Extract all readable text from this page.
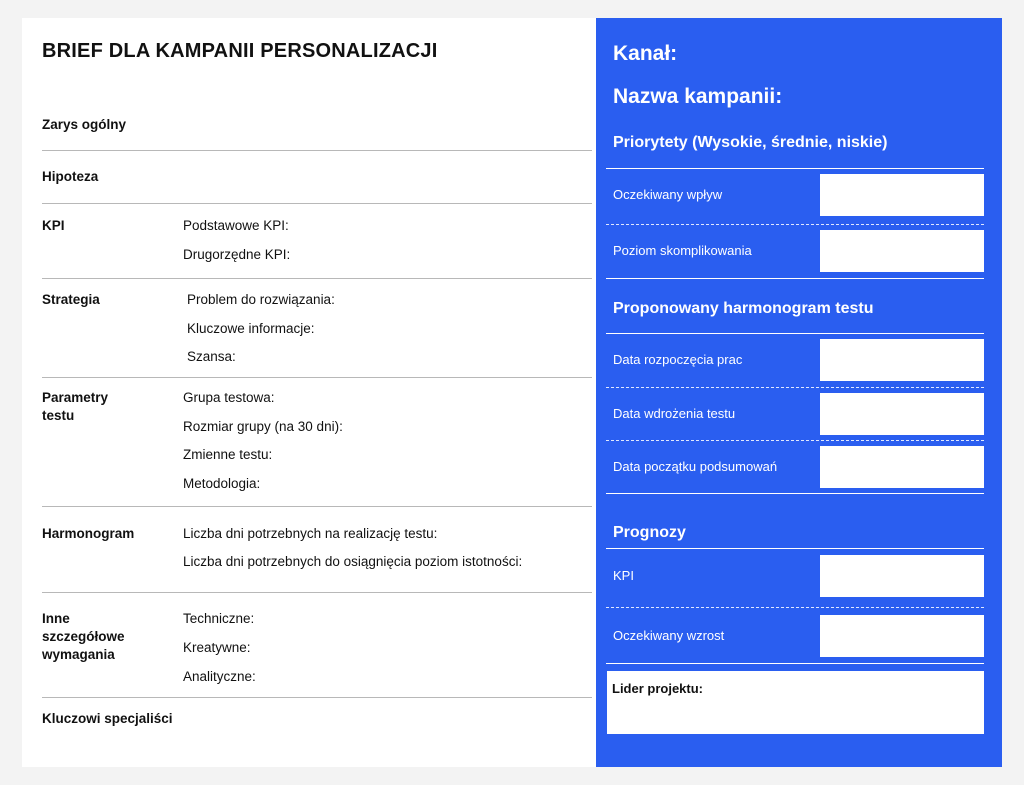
BRIEF DLA KAMPANII PERSONALIZACJI
Zarys ogólny
Hipoteza
KPI	Podstawowe KPI:
Drugorzędne KPI:
Strategia	Problem do rozwiązania:
Kluczowe informacje:
Szansa:
Parametry
testu
Grupa testowa:
Rozmiar grupy (na 30 dni):
Zmienne testu:
Metodologia:
Harmonogram	Liczba dni potrzebnych na realizację testu:
Liczba dni potrzebnych do osiągnięcia poziom istotności:
Inne
szczegółowe
wymagania
Techniczne:
Kreatywne:
Analityczne:
Kluczowi specjaliści
Kanał:
Nazwa kampanii:
Priorytety (Wysokie, średnie, niskie)
Oczekiwany wpływ
Poziom skomplikowania
Proponowany harmonogram testu
Data rozpoczęcia prac
Data wdrożenia testu
Data początku podsumowań
Prognozy
KPI
Oczekiwany wzrost
Lider projektu:
